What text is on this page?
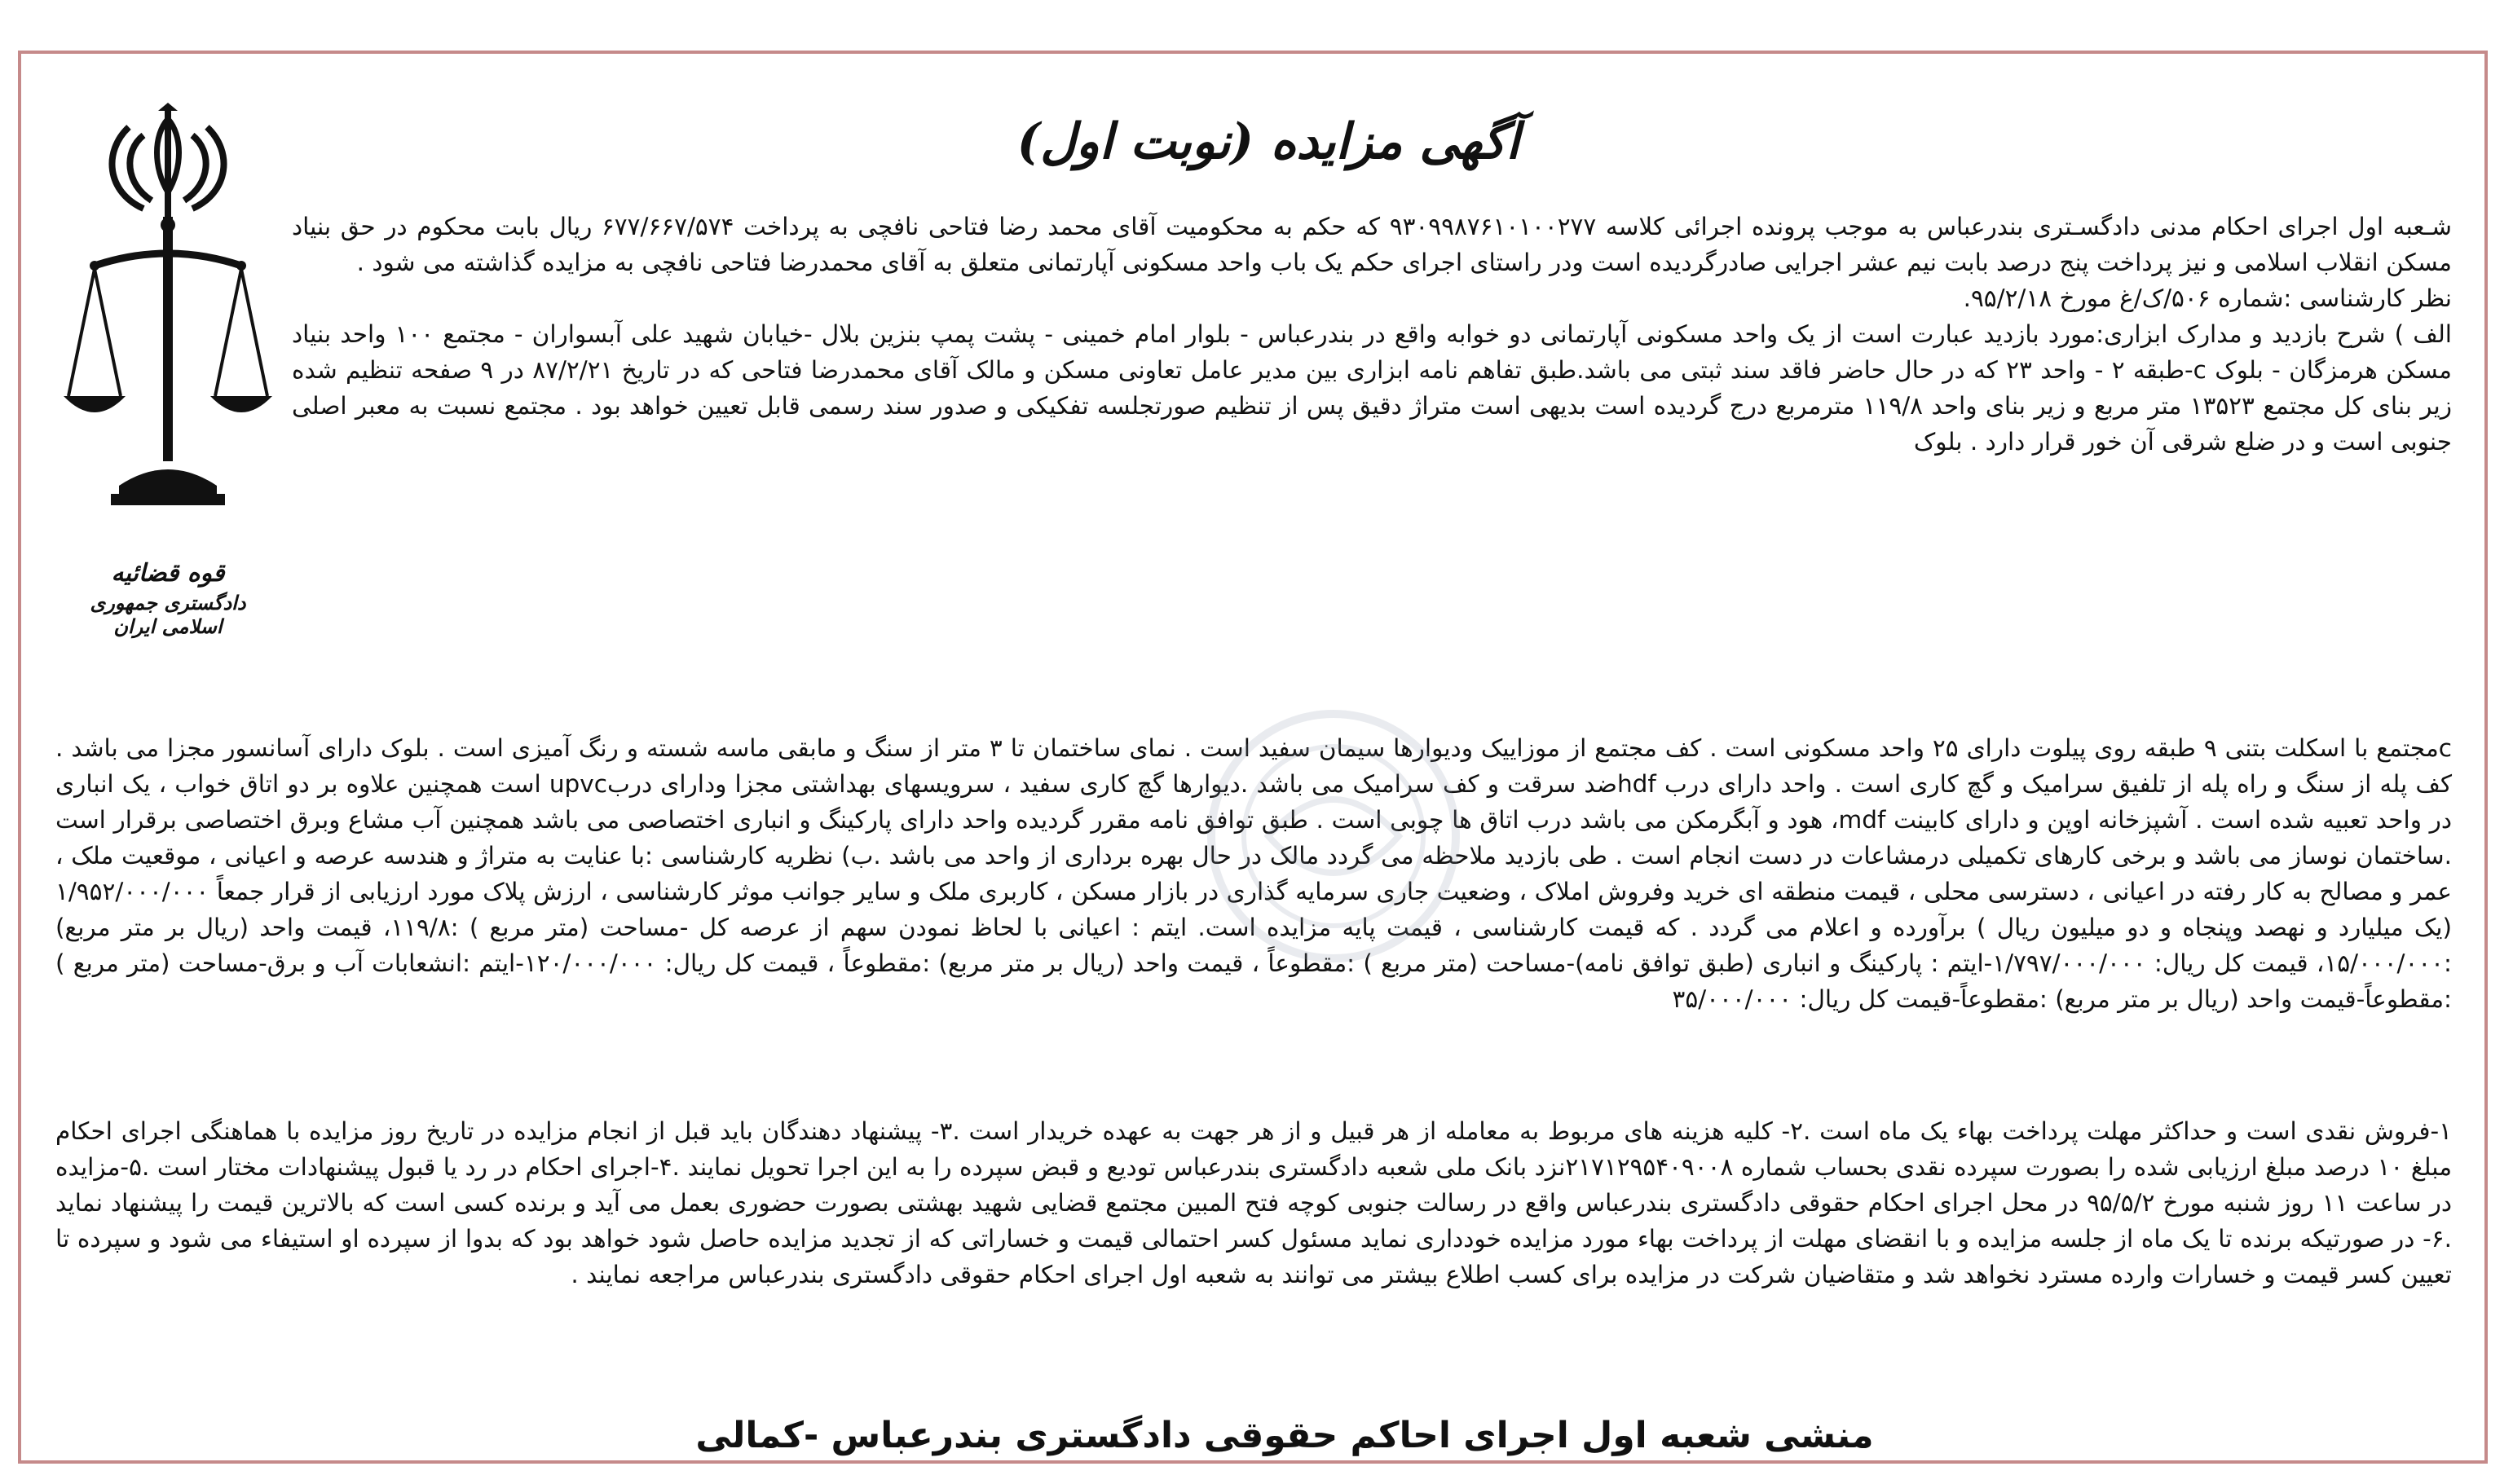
قوه قضائیه
دادگستری جمهوری اسلامی ایران
آگهی مزایده (نوبت اول)

شـعبه اول اجرای احکام مدنی دادگسـتری بندرعباس به موجب پرونده اجرائی کلاسه ۹۳۰۹۹۸۷۶۱۰۱۰۰۲۷۷ که حکم به محکومیت آقای محمد رضا فتاحی نافچی به پرداخت ۶۷۷/۶۶۷/۵۷۴ ریال بابت محکوم در حق بنیاد مسکن انقلاب اسلامی و نیز پرداخت پنج درصد بابت نیم عشر اجرایی صادرگردیده است ودر راستای اجرای حکم یک باب واحد مسکونی آپارتمانی متعلق به آقای محمدرضا فتاحی نافچی به مزایده گذاشته می شود .

نظر کارشناسی :شماره ۵۰۶/ک/غ مورخ ۹۵/۲/۱۸.

الف ) شرح بازدید و مدارک ابزاری:مورد بازدید عبارت است از یک واحد مسکونی آپارتمانی دو خوابه واقع در بندرعباس - بلوار امام خمینی - پشت پمپ بنزین بلال -خیابان شهید علی آبسواران - مجتمع ۱۰۰ واحد بنیاد مسکن هرمزگان - بلوک c-طبقه ۲ - واحد ۲۳ که در حال حاضر فاقد سند ثبتی می باشد.طبق تفاهم نامه ابزاری بین مدیر عامل تعاونی مسکن و مالک آقای محمدرضا فتاحی که در تاریخ ۸۷/۲/۲۱ در ۹ صفحه تنظیم شده زیر بنای کل مجتمع ۱۳۵۲۳ متر مربع و زیر بنای واحد ۱۱۹/۸ مترمربع درج گردیده است بدیهی است متراژ دقیق پس از تنظیم صورتجلسه تفکیکی و صدور سند رسمی قابل تعیین خواهد بود . مجتمع نسبت به معبر اصلی جنوبی است و در ضلع شرقی آن خور قرار دارد . بلوک

cمجتمع با اسکلت بتنی ۹ طبقه روی پیلوت دارای ۲۵ واحد مسکونی است . کف مجتمع از موزاییک ودیوارها سیمان سفید است . نمای ساختمان تا ۳ متر از سنگ و مابقی ماسه شسته و رنگ آمیزی است . بلوک دارای آسانسور مجزا می باشد . کف پله از سنگ و راه پله از تلفیق سرامیک و گچ کاری است . واحد دارای درب hdfضد سرقت و کف سرامیک می باشد .دیوارها گچ کاری سفید ، سرویسهای بهداشتی مجزا ودارای دربupvc است همچنین علاوه بر دو اتاق خواب ، یک انباری در واحد تعبیه شده است . آشپزخانه اوپن و دارای کابینت mdf، هود و آبگرمکن می باشد درب اتاق ها چوبی است . طبق توافق نامه مقرر گردیده واحد دارای پارکینگ و انباری اختصاصی می باشد همچنین آب مشاع وبرق اختصاصی برقرار است .ساختمان نوساز می باشد و برخی کارهای تکمیلی درمشاعات در دست انجام است . طی بازدید ملاحظه می گردد مالک در حال بهره برداری از واحد می باشد .ب) نظریه کارشناسی :با عنایت به متراژ و هندسه عرصه و اعیانی ، موقعیت ملک ، عمر و مصالح به کار رفته در اعیانی ، دسترسی محلی ، قیمت منطقه ای خرید وفروش املاک ، وضعیت جاری سرمایه گذاری در بازار مسکن ، کاربری ملک و سایر جوانب موثر کارشناسی ، ارزش پلاک مورد ارزیابی از قرار جمعاً ۱/۹۵۲/۰۰۰/۰۰۰ (یک میلیارد و نهصد وپنجاه و دو میلیون ریال ) برآورده و اعلام می گردد . که قیمت کارشناسی ، قیمت پایه مزایده است. ایتم : اعیانی با لحاظ نمودن سهم از عرصه کل -مساحت (متر مربع ) :۱۱۹/۸، قیمت واحد (ریال بر متر مربع) :۱۵/۰۰۰/۰۰۰، قیمت کل ریال: ۱/۷۹۷/۰۰۰/۰۰۰-ایتم : پارکینگ و انباری (طبق توافق نامه)-مساحت (متر مربع ) :مقطوعاً ، قیمت واحد (ریال بر متر مربع) :مقطوعاً ، قیمت کل ریال: ۱۲۰/۰۰۰/۰۰۰-ایتم :انشعابات آب و برق-مساحت (متر مربع ) :مقطوعاً-قیمت واحد (ریال بر متر مربع) :مقطوعاً-قیمت کل ریال: ۳۵/۰۰۰/۰۰۰

۱-فروش نقدی است و حداکثر مهلت پرداخت بهاء یک ماه است .۲- کلیه هزینه های مربوط به معامله از هر قبیل و از هر جهت به عهده خریدار است .۳- پیشنهاد دهندگان باید قبل از انجام مزایده در تاریخ روز مزایده با هماهنگی اجرای احکام مبلغ ۱۰ درصد مبلغ ارزیابی شده را بصورت سپرده نقدی بحساب شماره ۲۱۷۱۲۹۵۴۰۹۰۰۸نزد بانک ملی شعبه دادگستری بندرعباس تودیع و قبض سپرده را به این اجرا تحویل نمایند .۴-اجرای احکام در رد یا قبول پیشنهادات مختار است .۵-مزایده در ساعت ۱۱ روز شنبه مورخ ۹۵/۵/۲ در محل اجرای احکام حقوقی دادگستری بندرعباس واقع در رسالت جنوبی کوچه فتح المبین مجتمع قضایی شهید بهشتی بصورت حضوری بعمل می آید و برنده کسی است که بالاترین قیمت را پیشنهاد نماید .۶- در صورتیکه برنده تا یک ماه از جلسه مزایده و با انقضای مهلت از پرداخت بهاء مورد مزایده خودداری نماید مسئول کسر احتمالی قیمت و خساراتی که از تجدید مزایده حاصل شود خواهد بود که بدوا از سپرده او استیفاء می شود و سپرده تا تعیین کسر قیمت و خسارات وارده مسترد نخواهد شد و متقاضیان شرکت در مزایده برای کسب اطلاع بیشتر می توانند به شعبه اول اجرای احکام حقوقی دادگستری بندرعباس مراجعه نمایند .

منشی شعبه اول اجرای احاکم حقوقی دادگستری بندرعباس -کمالی
